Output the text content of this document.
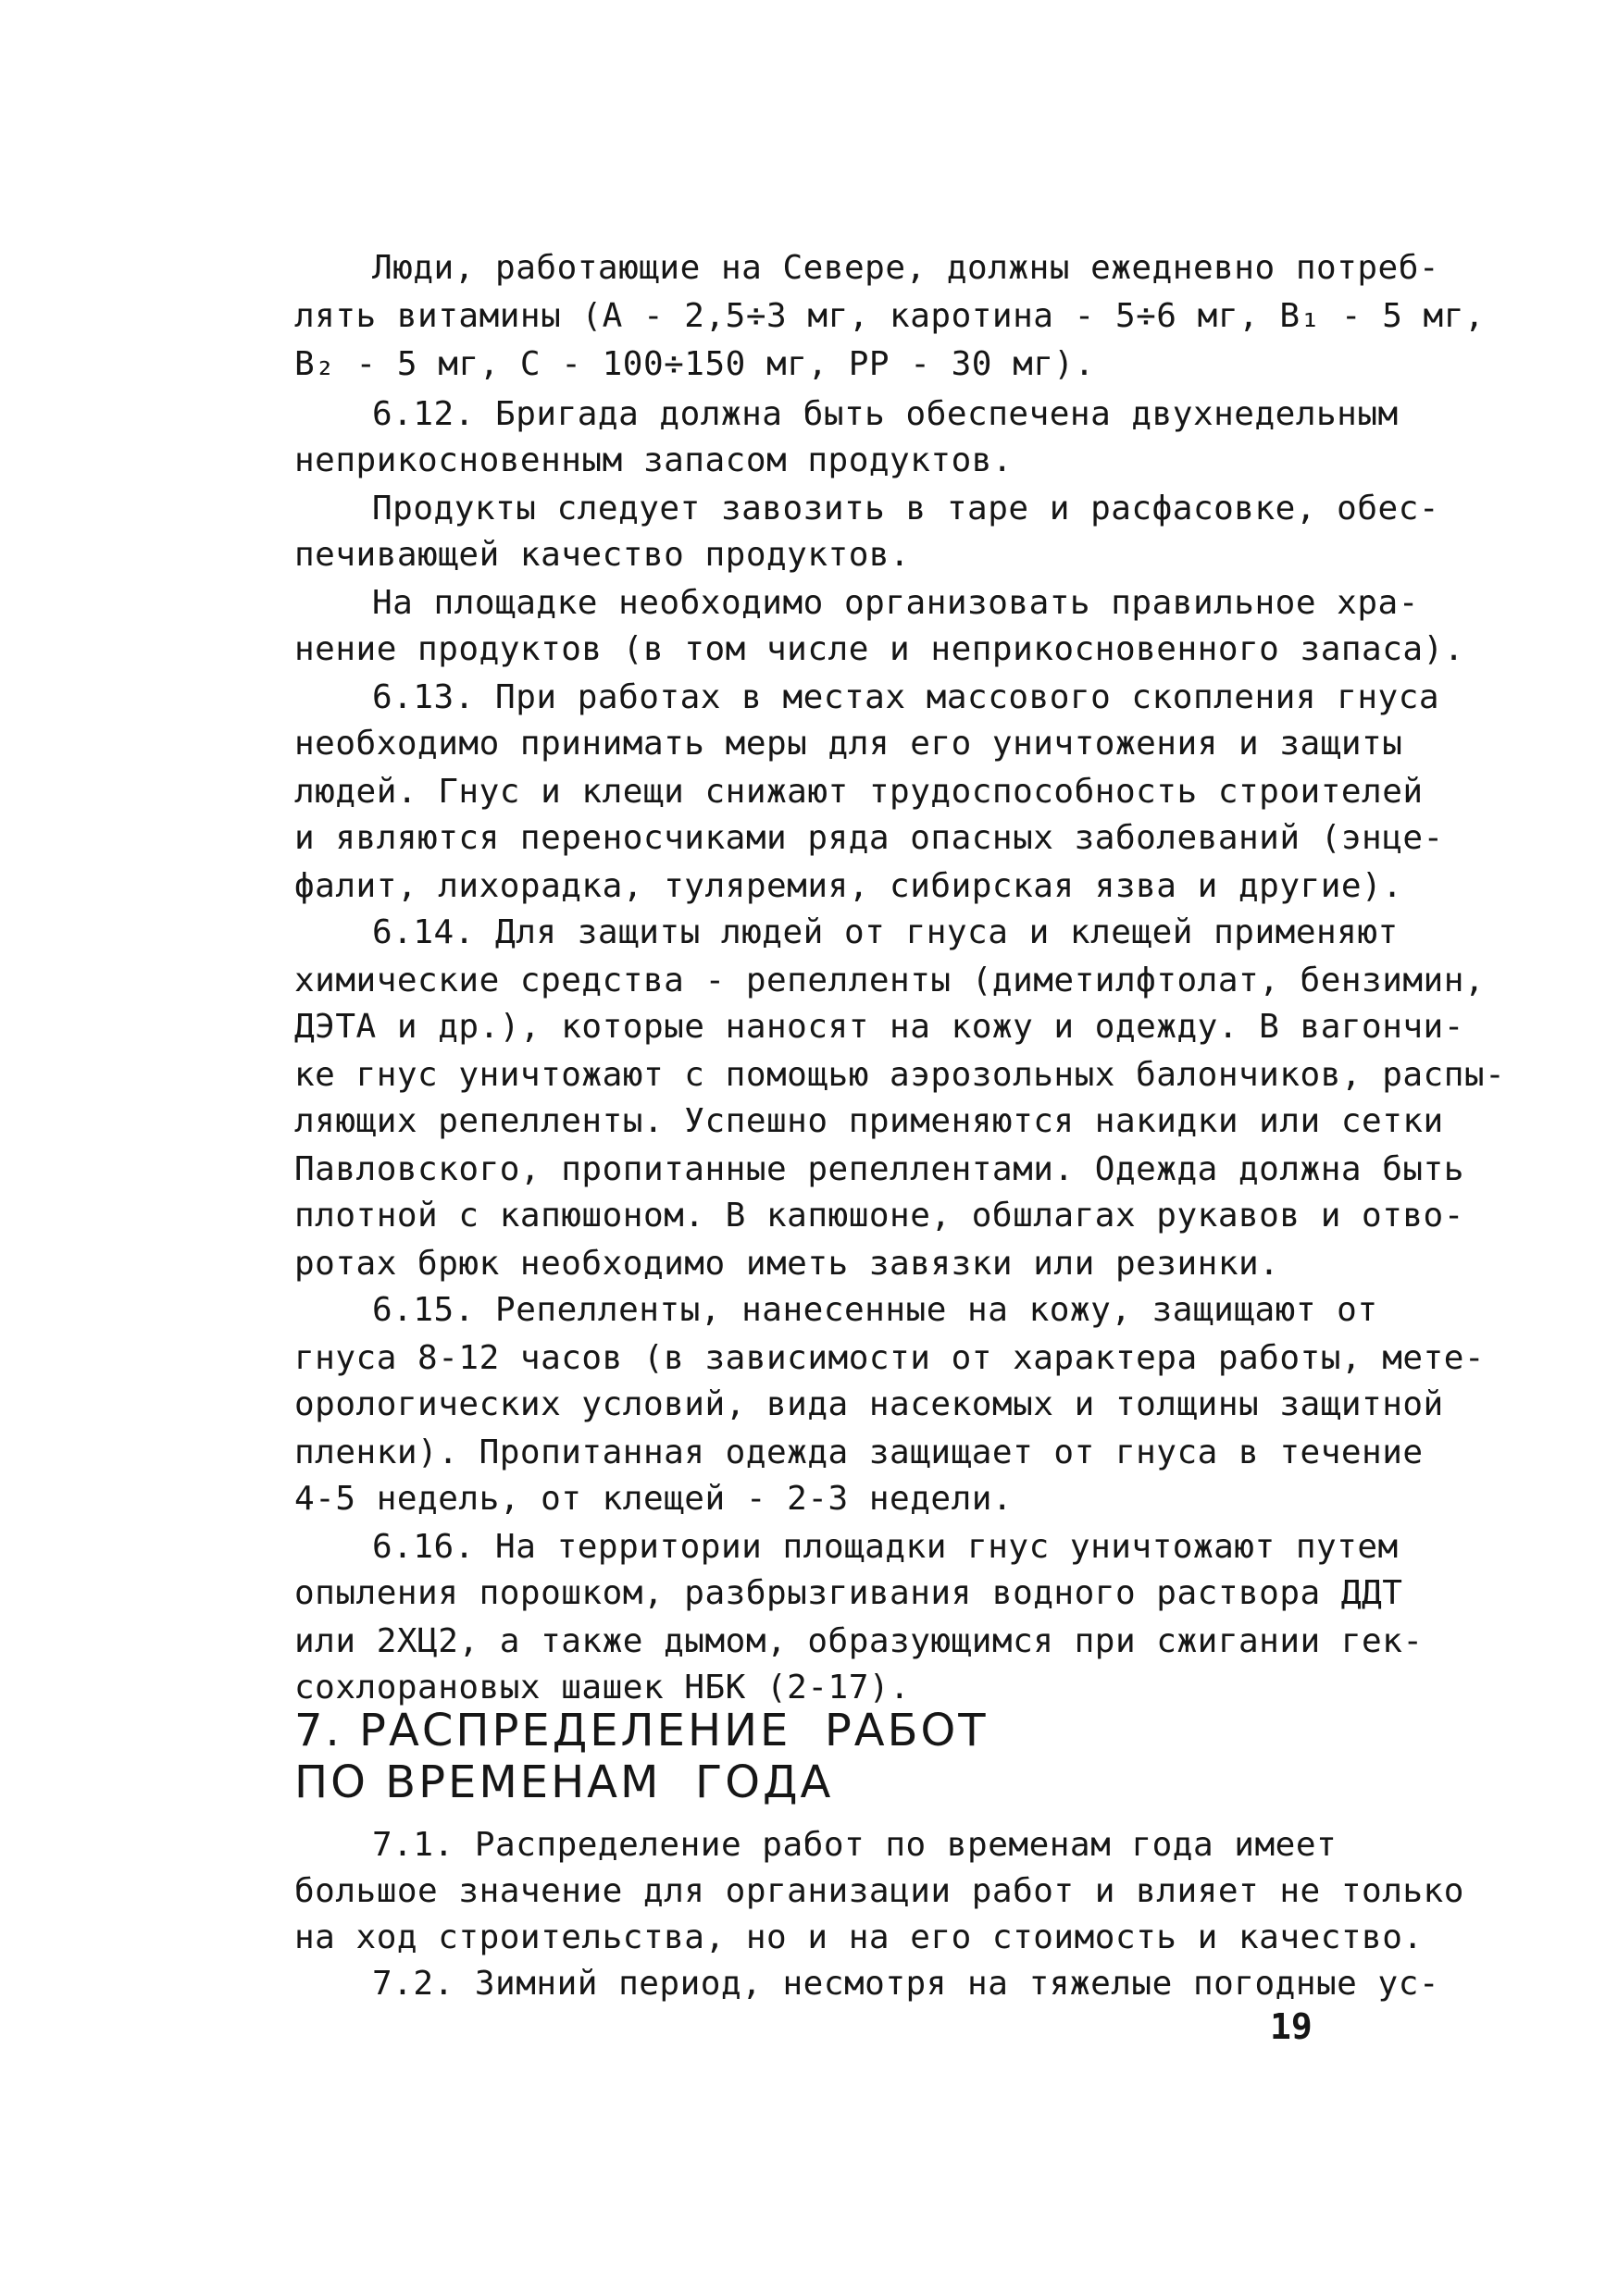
Люди, работающие на Севере, должны ежедневно потреб-
лять витамины (А - 2,5÷3 мг, каротина - 5÷6 мг, В₁ - 5 мг,
В₂ - 5 мг, С - 100÷150 мг, РР - 30 мг).
6.12. Бригада должна быть обеспечена двухнедельным
неприкосновенным запасом продуктов.
Продукты следует завозить в таре и расфасовке, обес-
печивающей качество продуктов.
На площадке необходимо организовать правильное хра-
нение продуктов (в том числе и неприкосновенного запаса).
6.13. При работах в местах массового скопления гнуса
необходимо принимать меры для его уничтожения и защиты
людей. Гнус и клещи снижают трудоспособность строителей
и являются переносчиками ряда опасных заболеваний (энце-
фалит, лихорадка, туляремия, сибирская язва и другие).
6.14. Для защиты людей от гнуса и клещей применяют
химические средства - репелленты (диметилфтолат, бензимин,
ДЭТА и др.), которые наносят на кожу и одежду. В вагончи-
ке гнус уничтожают с помощью аэрозольных балончиков, распы-
ляющих репелленты. Успешно применяются накидки или сетки
Павловского, пропитанные репеллентами. Одежда должна быть
плотной с капюшоном. В капюшоне, обшлагах рукавов и отво-
ротах брюк необходимо иметь завязки или резинки.
6.15. Репелленты, нанесенные на кожу, защищают от
гнуса 8-12 часов (в зависимости от характера работы, мете-
орологических условий, вида насекомых и толщины защитной
пленки). Пропитанная одежда защищает от гнуса в течение
4-5 недель, от клещей - 2-3 недели.
6.16. На территории площадки гнус уничтожают путем
опыления порошком, разбрызгивания водного раствора ДДТ
или 2ХЦ2, а также дымом, образующимся при сжигании гек-
сохлорановых шашек НБК (2-17).
7. РАСПРЕДЕЛЕНИЕ  РАБОТ
ПО ВРЕМЕНАМ  ГОДА
7.1. Распределение работ по временам года имеет
большое значение для организации работ и влияет не только
на ход строительства, но и на его стоимость и качество.
7.2. Зимний период, несмотря на тяжелые погодные ус-
19
